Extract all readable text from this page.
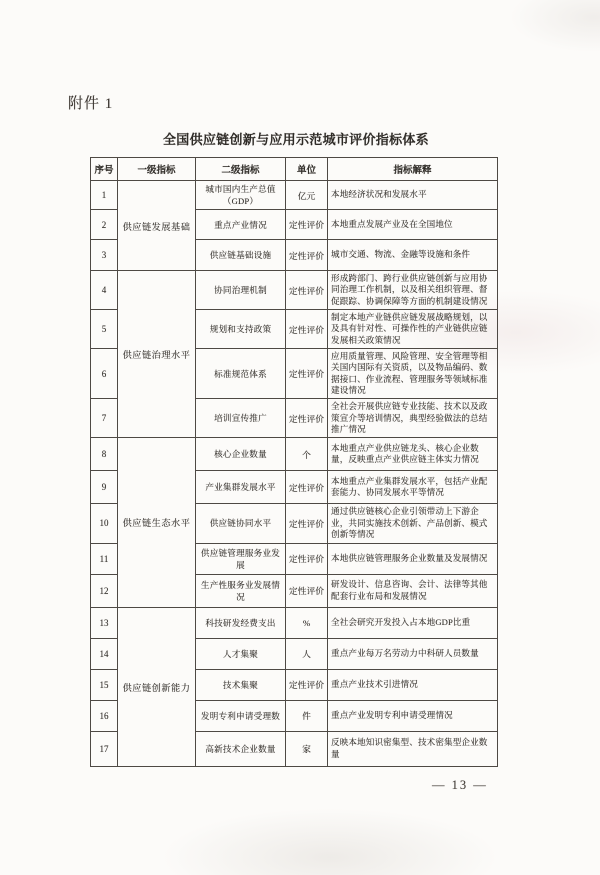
附件 1
全国供应链创新与应用示范城市评价指标体系
序号	一级指标	二级指标	单位	指标解释
1	供应链发展基础	城市国内生产总值（GDP）	亿元	本地经济状况和发展水平
2		重点产业情况	定性评价	本地重点发展产业及在全国地位
3		供应链基础设施	定性评价	城市交通、物流、金融等设施和条件
4	供应链治理水平	协同治理机制	定性评价	形成跨部门、跨行业供应链创新与应用协同治理工作机制，以及相关组织管理、督促跟踪、协调保障等方面的机制建设情况
5		规划和支持政策	定性评价	制定本地产业链供应链发展战略规划，以及具有针对性、可操作性的产业链供应链发展相关政策情况
6		标准规范体系	定性评价	应用质量管理、风险管理、安全管理等相关国内国际有关资质，以及物品编码、数据接口、作业流程、管理服务等领域标准建设情况
7		培训宣传推广	定性评价	全社会开展供应链专业技能、技术以及政策宣介等培训情况，典型经验做法的总结推广情况
8	供应链生态水平	核心企业数量	个	本地重点产业供应链龙头、核心企业数量，反映重点产业供应链主体实力情况
9		产业集群发展水平	定性评价	本地重点产业集群发展水平，包括产业配套能力、协同发展水平等情况
10		供应链协同水平	定性评价	通过供应链核心企业引领带动上下游企业，共同实施技术创新、产品创新、模式创新等情况
11		供应链管理服务业发展	定性评价	本地供应链管理服务企业数量及发展情况
12		生产性服务业发展情况	定性评价	研发设计、信息咨询、会计、法律等其他配套行业布局和发展情况
13	供应链创新能力	科技研发经费支出	%	全社会研究开发投入占本地GDP比重
14		人才集聚	人	重点产业每万名劳动力中科研人员数量
15		技术集聚	定性评价	重点产业技术引进情况
16		发明专利申请受理数	件	重点产业发明专利申请受理情况
17		高新技术企业数量	家	反映本地知识密集型、技术密集型企业数量
— 13 —
